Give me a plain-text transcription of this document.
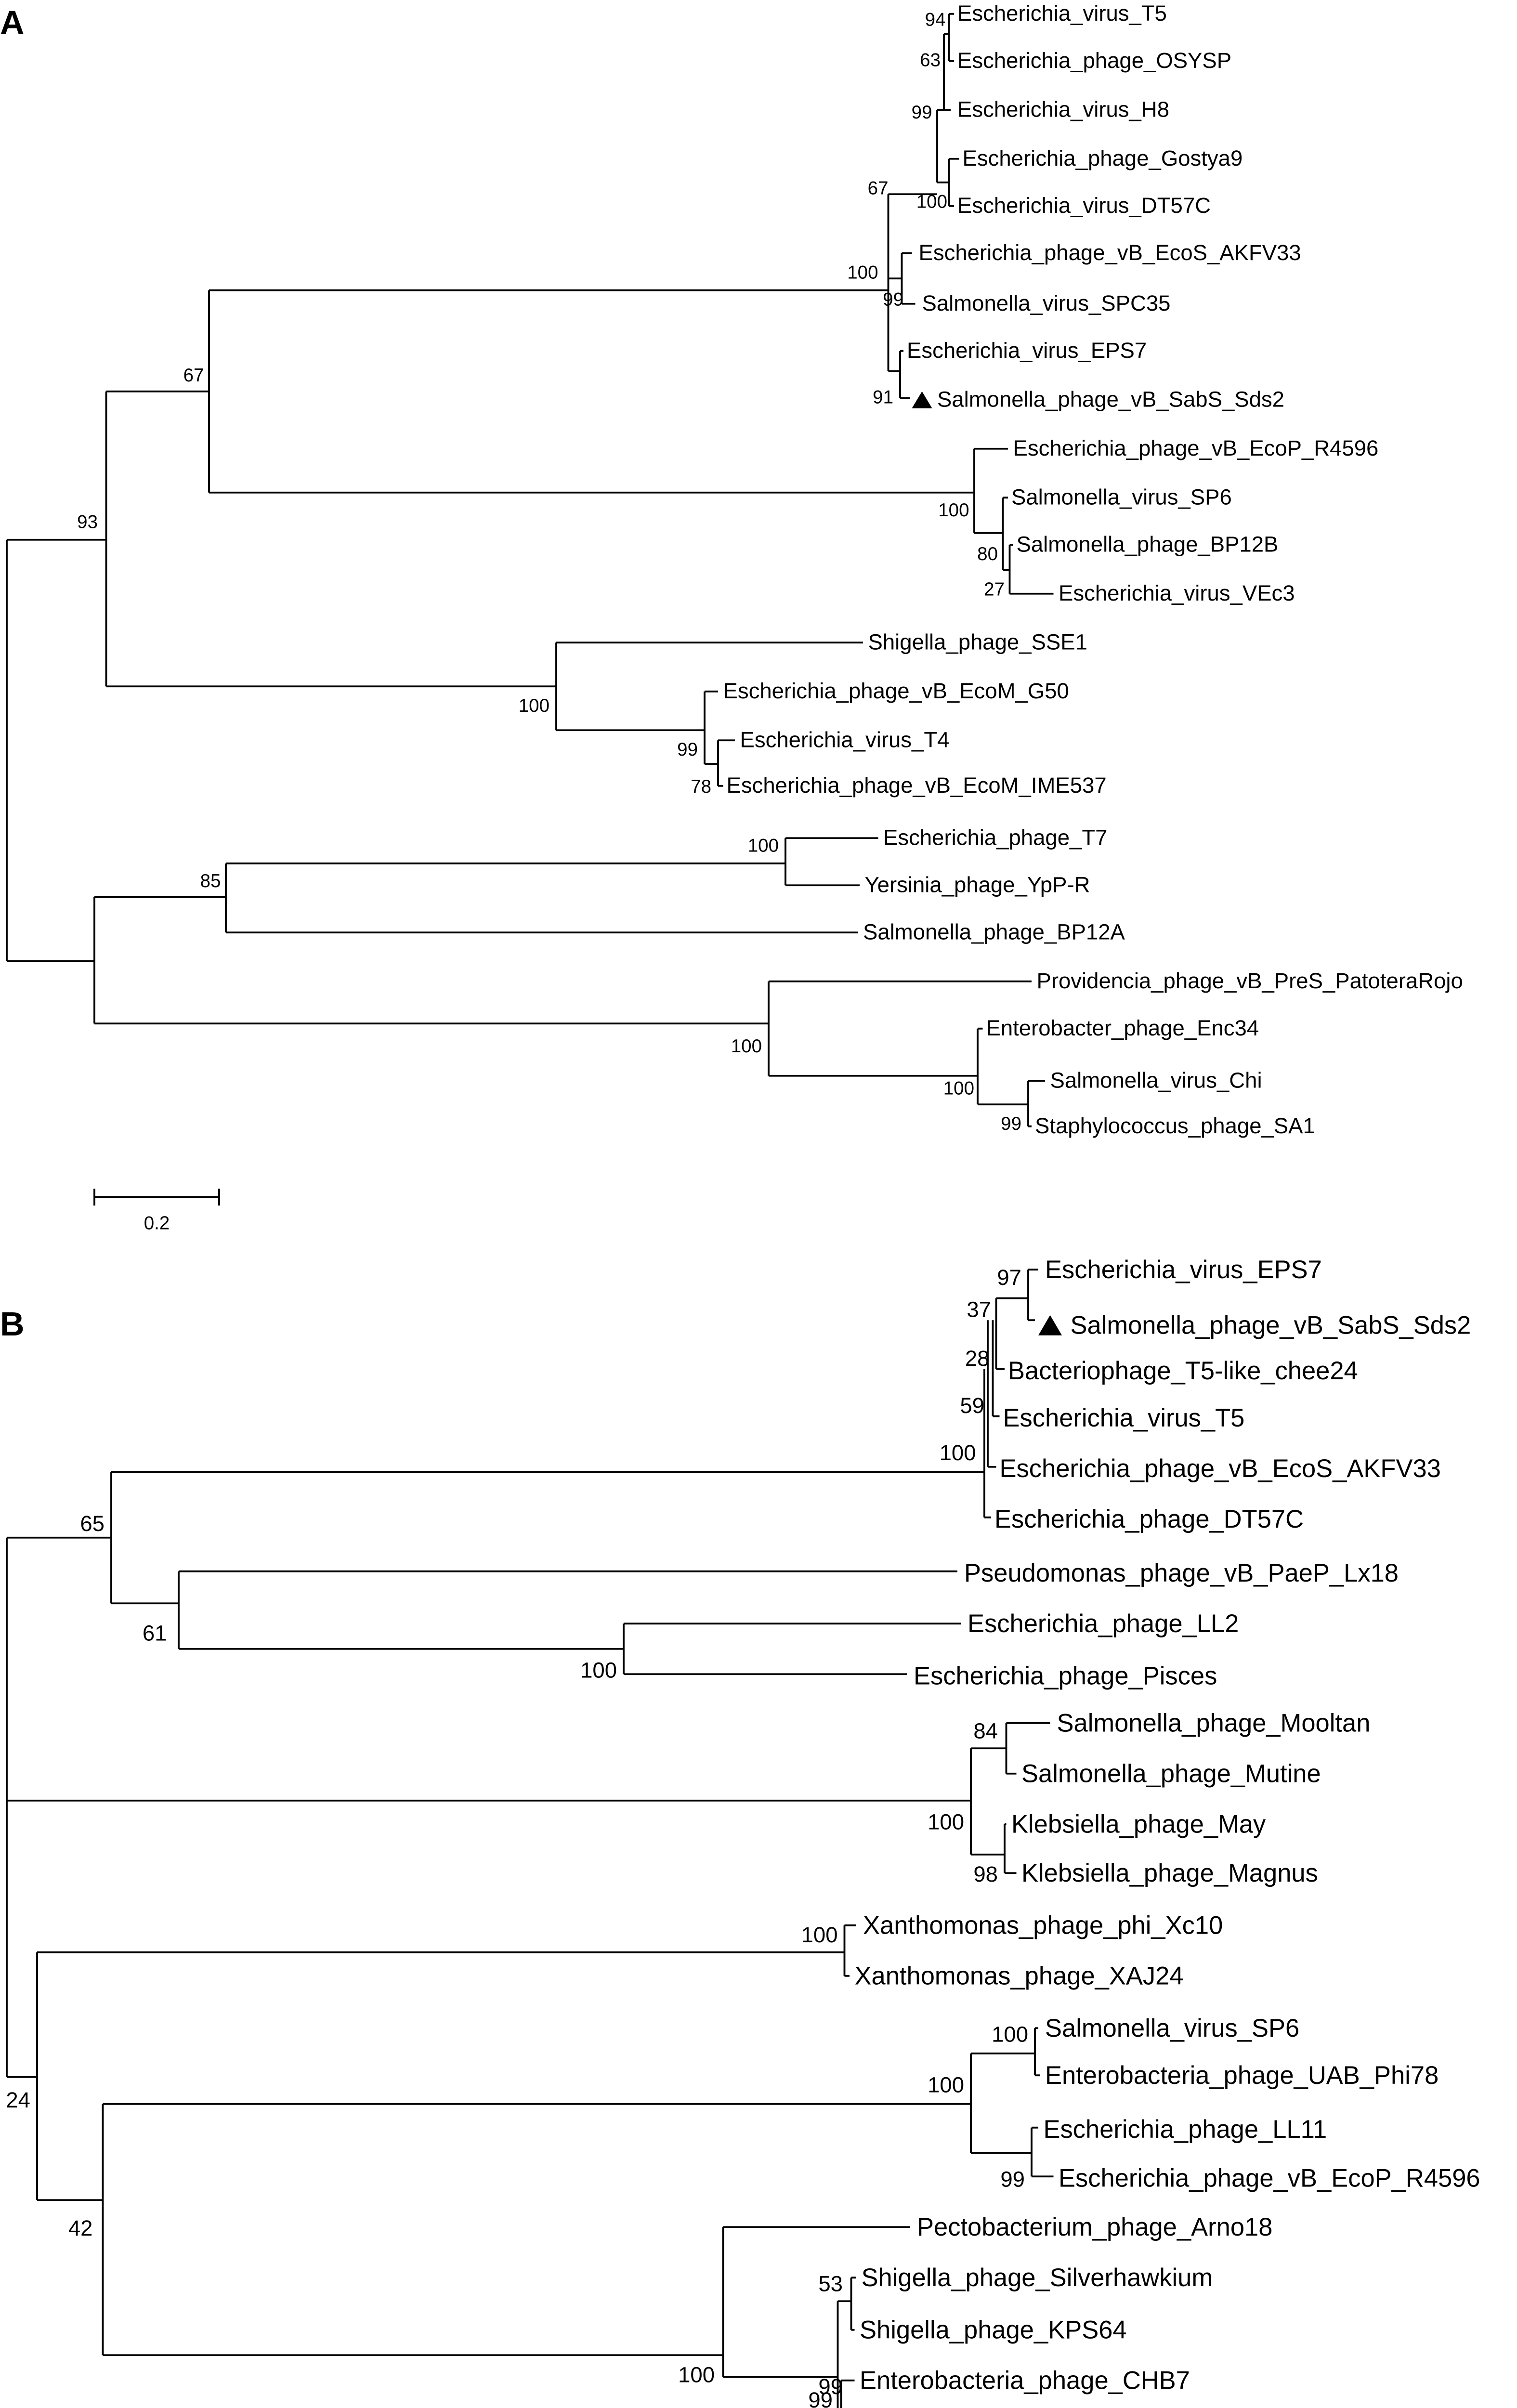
A	Escherichia_virus_T5
Escherichia_phage_OSYSP
Escherichia_virus_H8
Escherichia_phage_Gostya9
Escherichia_virus_DT57C
Escherichia_phage_vB_EcoS_AKFV33
Salmonella_virus_SPC35
Escherichia_virus_EPS7
Salmonella_phage_vB_SabS_Sds2
Escherichia_phage_vB_EcoP_R4596
Salmonella_virus_SP6
Salmonella_phage_BP12B
Escherichia_virus_VEc3
Shigella_phage_SSE1
Escherichia_phage_vB_EcoM_G50
Escherichia_virus_T4
Escherichia_phage_vB_EcoM_IME537
Escherichia_phage_T7
Yersinia_phage_YpP-R
Salmonella_phage_BP12A
Providencia_phage_vB_PreS_PatoteraRojo
Enterobacter_phage_Enc34
Salmonella_virus_Chi
Staphylococcus_phage_SA1
94
63
99
100
67
100
99
91
67
93
100
80
27
100
99
78
100
85
100
100
99
0.2
B
Escherichia_virus_EPS7
Salmonella_phage_vB_SabS_Sds2
Bacteriophage_T5-like_chee24
Escherichia_virus_T5
Escherichia_phage_vB_EcoS_AKFV33
Escherichia_phage_DT57C
Pseudomonas_phage_vB_PaeP_Lx18
Escherichia_phage_LL2
Escherichia_phage_Pisces
Salmonella_phage_Mooltan
Salmonella_phage_Mutine
Klebsiella_phage_May
Klebsiella_phage_Magnus
Xanthomonas_phage_phi_Xc10
Xanthomonas_phage_XAJ24
Salmonella_virus_SP6
Enterobacteria_phage_UAB_Phi78
Escherichia_phage_LL11
Escherichia_phage_vB_EcoP_R4596
Pectobacterium_phage_Arno18
Shigella_phage_Silverhawkium
Shigella_phage_KPS64
Enterobacteria_phage_CHB7
97
37
28
59
100
65
61
100
84
100
98
100
100
100
99
24
42
53
100	99
99
